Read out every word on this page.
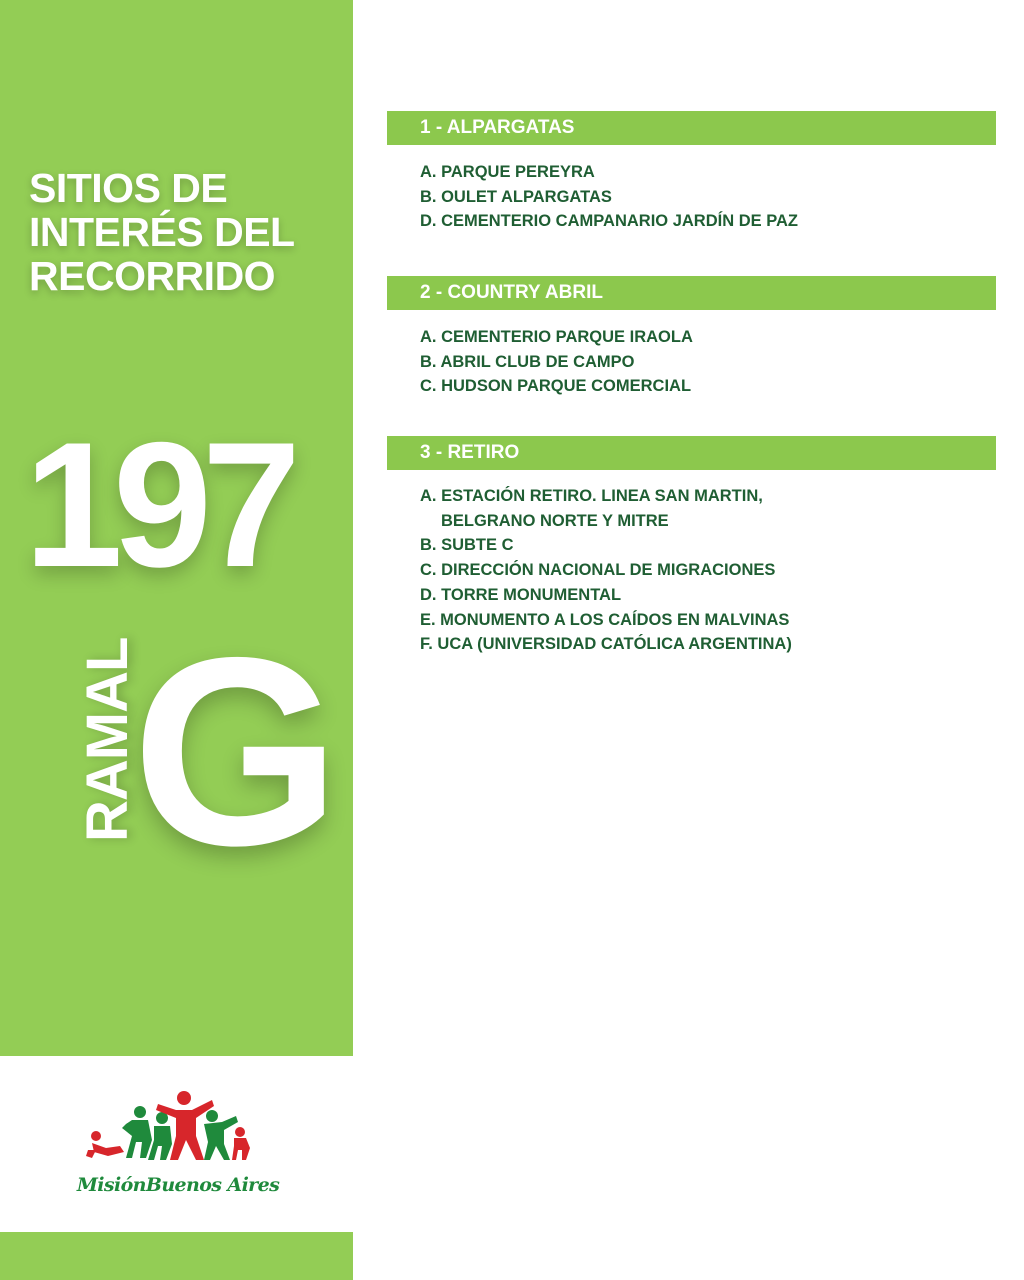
SITIOS DE
INTERÉS DEL
RECORRIDO
197
RAMAL
G
MisiónBuenos Aires
1 - ALPARGATAS
A. PARQUE PEREYRA
B. OULET ALPARGATAS
D. CEMENTERIO CAMPANARIO JARDÍN DE PAZ
2 - COUNTRY ABRIL
A. CEMENTERIO PARQUE IRAOLA
B. ABRIL CLUB DE CAMPO
C. HUDSON PARQUE COMERCIAL
3 - RETIRO
A. ESTACIÓN RETIRO. LINEA SAN MARTIN,
BELGRANO NORTE Y MITRE
B. SUBTE C
C. DIRECCIÓN NACIONAL DE MIGRACIONES
D. TORRE MONUMENTAL
E. MONUMENTO A LOS CAÍDOS EN MALVINAS
F. UCA (UNIVERSIDAD CATÓLICA ARGENTINA)
